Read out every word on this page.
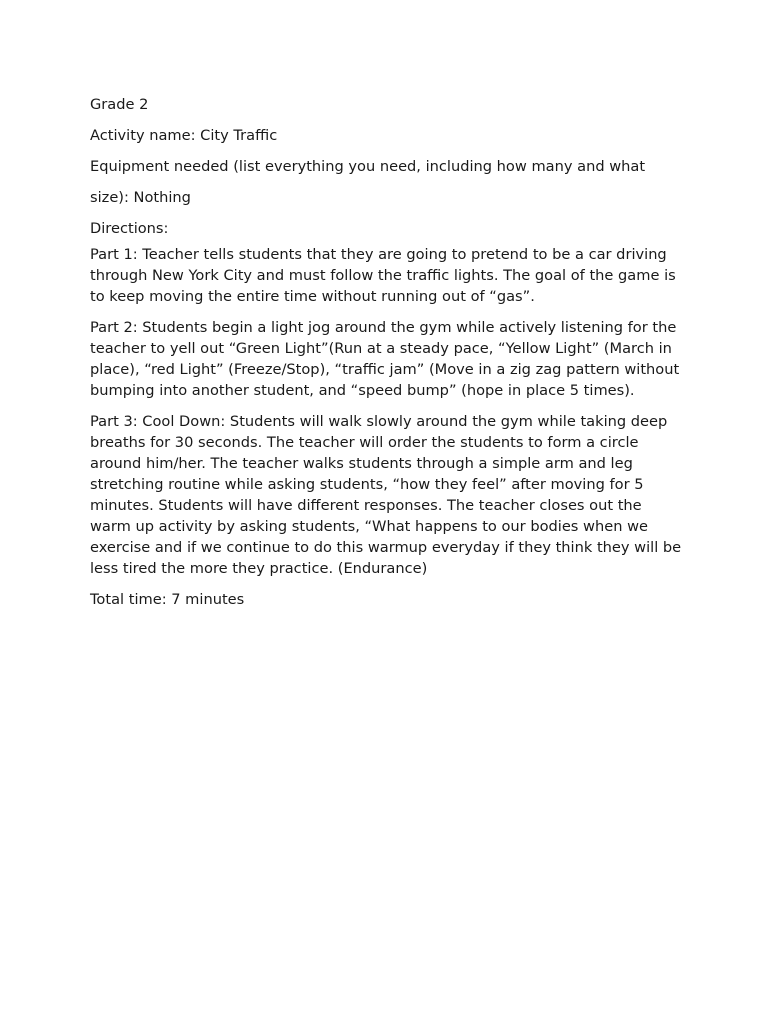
Grade 2

Activity name: City Traffic

Equipment needed (list everything you need, including how many and what size): Nothing

Directions:

Part 1: Teacher tells students that they are going to pretend to be a car driving through New York City and must follow the traffic lights. The goal of the game is to keep moving the entire time without running out of “gas”.

Part 2: Students begin a light jog around the gym while actively listening for the teacher to yell out “Green Light”(Run at a steady pace, “Yellow Light” (March in place), “red Light” (Freeze/Stop), “traffic jam” (Move in a zig zag pattern without bumping into another student, and “speed bump” (hope in place 5 times).

Part 3: Cool Down: Students will walk slowly around the gym while taking deep breaths for 30 seconds. The teacher will order the students to form a circle around him/her. The teacher walks students through a simple arm and leg stretching routine while asking students, “how they feel” after moving for 5 minutes. Students will have different responses. The teacher closes out the warm up activity by asking students, “What happens to our bodies when we exercise and if we continue to do this warmup everyday if they think they will be less tired the more they practice. (Endurance)

Total time: 7 minutes
